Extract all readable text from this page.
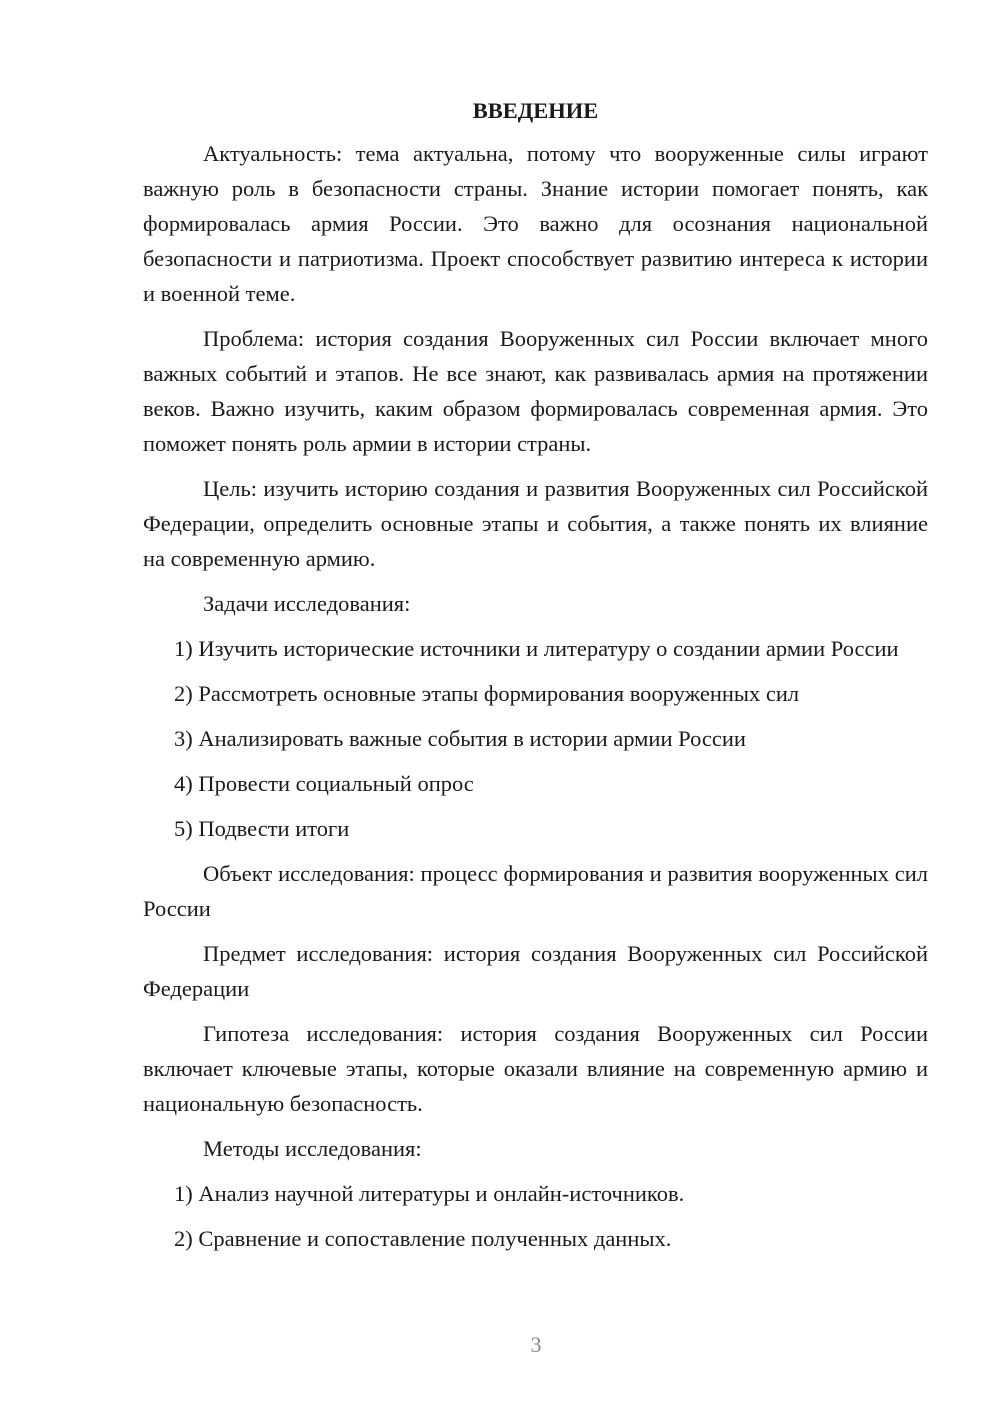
ВВЕДЕНИЕ

Актуальность: тема актуальна, потому что вооруженные силы играют важную роль в безопасности страны. Знание истории помогает понять, как формировалась армия России. Это важно для осознания национальной безопасности и патриотизма. Проект способствует развитию интереса к истории и военной теме.

Проблема: история создания Вооруженных сил России включает много важных событий и этапов. Не все знают, как развивалась армия на протяжении веков. Важно изучить, каким образом формировалась современная армия. Это поможет понять роль армии в истории страны.

Цель: изучить историю создания и развития Вооруженных сил Российской Федерации, определить основные этапы и события, а также понять их влияние на современную армию.

Задачи исследования:

1) Изучить исторические источники и литературу о создании армии России

2) Рассмотреть основные этапы формирования вооруженных сил

3) Анализировать важные события в истории армии России

4) Провести социальный опрос

5) Подвести итоги

Объект исследования: процесс формирования и развития вооруженных сил России

Предмет исследования: история создания Вооруженных сил Российской Федерации

Гипотеза исследования: история создания Вооруженных сил России включает ключевые этапы, которые оказали влияние на современную армию и национальную безопасность.

Методы исследования:

1) Анализ научной литературы и онлайн-источников.

2) Сравнение и сопоставление полученных данных.

3
